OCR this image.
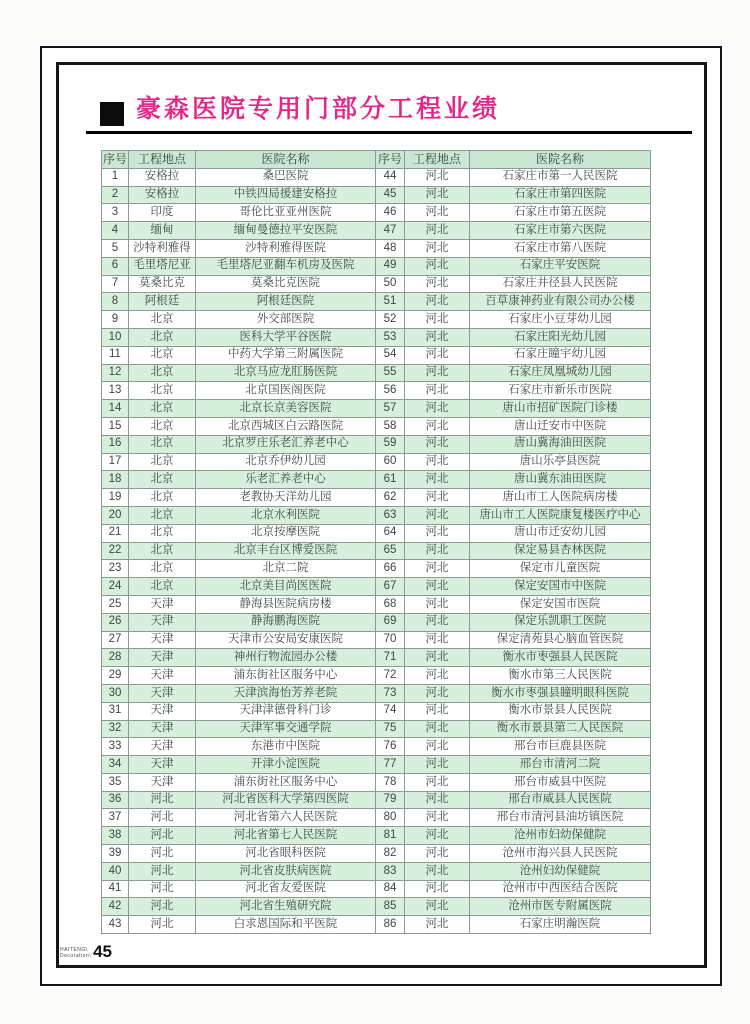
豪森医院专用门部分工程业绩
序号	工程地点	医院名称	序号	工程地点	医院名称
1	安格拉	桑巴医院	44	河北	石家庄市第一人民医院
2	安格拉	中铁四局援建安格拉	45	河北	石家庄市第四医院
3	印度	哥伦比亚亚州医院	46	河北	石家庄市第五医院
4	缅甸	缅甸曼德拉平安医院	47	河北	石家庄市第六医院
5	沙特利雅得	沙特利雅得医院	48	河北	石家庄市第八医院
6	毛里塔尼亚	毛里塔尼亚翻车机房及医院	49	河北	石家庄平安医院
7	莫桑比克	莫桑比克医院	50	河北	石家庄井径县人民医院
8	阿根廷	阿根廷医院	51	河北	百草康神药业有限公司办公楼
9	北京	外交部医院	52	河北	石家庄小豆芽幼儿园
10	北京	医科大学平谷医院	53	河北	石家庄阳光幼儿园
11	北京	中药大学第三附属医院	54	河北	石家庄瞳宇幼儿园
12	北京	北京马应龙肛肠医院	55	河北	石家庄凤凰城幼儿园
13	北京	北京国医阁医院	56	河北	石家庄市新乐市医院
14	北京	北京长京美容医院	57	河北	唐山市招矿医院门诊楼
15	北京	北京西城区白云路医院	58	河北	唐山迁安市中医院
16	北京	北京罗庄乐老汇养老中心	59	河北	唐山冀海油田医院
17	北京	北京乔伊幼儿园	60	河北	唐山乐亭县医院
18	北京	乐老汇养老中心	61	河北	唐山冀东油田医院
19	北京	老教协天洋幼儿园	62	河北	唐山市工人医院病房楼
20	北京	北京水利医院	63	河北	唐山市工人医院康复楼医疗中心
21	北京	北京按摩医院	64	河北	唐山市迁安幼儿园
22	北京	北京丰台区博爱医院	65	河北	保定易县杏林医院
23	北京	北京二院	66	河北	保定市儿童医院
24	北京	北京美目尚医医院	67	河北	保定安国市中医院
25	天津	静海县医院病房楼	68	河北	保定安国市医院
26	天津	静海鹏海医院	69	河北	保定乐凯职工医院
27	天津	天津市公安局安康医院	70	河北	保定清苑县心脑血管医院
28	天津	神州行物流园办公楼	71	河北	衡水市枣强县人民医院
29	天津	浦东街社区服务中心	72	河北	衡水市第三人民医院
30	天津	天津滨海怡芳养老院	73	河北	衡水市枣强县瞳明眼科医院
31	天津	天津津德骨科门诊	74	河北	衡水市景县人民医院
32	天津	天津军事交通学院	75	河北	衡水市景县第二人民医院
33	天津	东港市中医院	76	河北	邢台市巨鹿县医院
34	天津	开津小淀医院	77	河北	邢台市清河二院
35	天津	浦东街社区服务中心	78	河北	邢台市威县中医院
36	河北	河北省医科大学第四医院	79	河北	邢台市威县人民医院
37	河北	河北省第六人民医院	80	河北	邢台市清河县油坊镇医院
38	河北	河北省第七人民医院	81	河北	沧州市妇幼保健院
39	河北	河北省眼科医院	82	河北	沧州市海兴县人民医院
40	河北	河北省皮肤病医院	83	河北	沧州妇幼保健院
41	河北	河北省友爱医院	84	河北	沧州市中西医结合医院
42	河北	河北省生殖研究院	85	河北	沧州市医专附属医院
43	河北	白求恩国际和平医院	86	河北	石家庄明瀚医院
HAITENG\
Decoration\ 45
